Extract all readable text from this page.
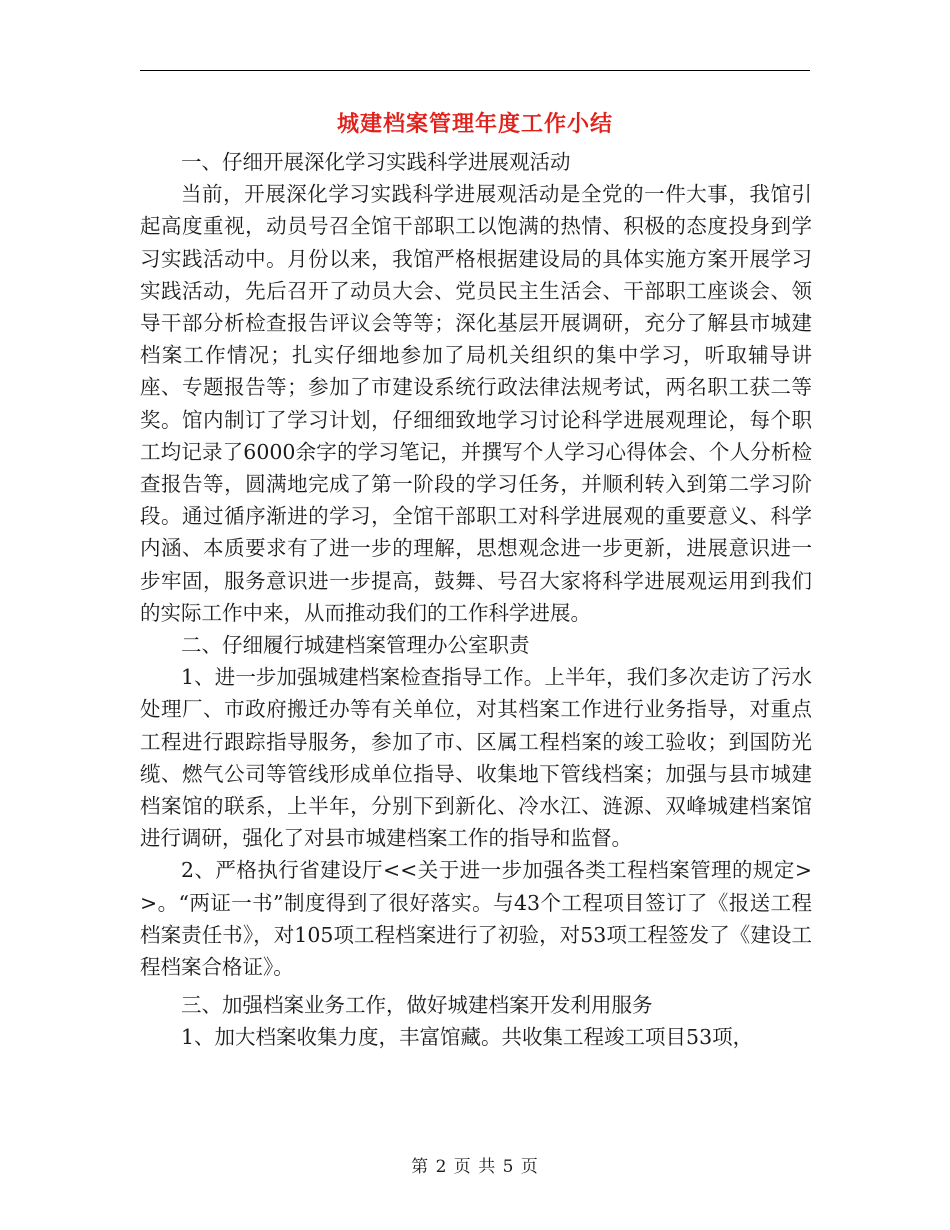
城建档案管理年度工作小结

一、仔细开展深化学习实践科学进展观活动

当前，开展深化学习实践科学进展观活动是全党的一件大事，我馆引起高度重视，动员号召全馆干部职工以饱满的热情、积极的态度投身到学习实践活动中。月份以来，我馆严格根据建设局的具体实施方案开展学习实践活动，先后召开了动员大会、党员民主生活会、干部职工座谈会、领导干部分析检查报告评议会等等；深化基层开展调研，充分了解县市城建档案工作情况；扎实仔细地参加了局机关组织的集中学习，听取辅导讲座、专题报告等；参加了市建设系统行政法律法规考试，两名职工获二等奖。馆内制订了学习计划，仔细细致地学习讨论科学进展观理论，每个职工均记录了6000余字的学习笔记，并撰写个人学习心得体会、个人分析检查报告等，圆满地完成了第一阶段的学习任务，并顺利转入到第二学习阶段。通过循序渐进的学习，全馆干部职工对科学进展观的重要意义、科学内涵、本质要求有了进一步的理解，思想观念进一步更新，进展意识进一步牢固，服务意识进一步提高，鼓舞、号召大家将科学进展观运用到我们的实际工作中来，从而推动我们的工作科学进展。

二、仔细履行城建档案管理办公室职责

1、进一步加强城建档案检查指导工作。上半年，我们多次走访了污水处理厂、市政府搬迁办等有关单位，对其档案工作进行业务指导，对重点工程进行跟踪指导服务，参加了市、区属工程档案的竣工验收；到国防光缆、燃气公司等管线形成单位指导、收集地下管线档案；加强与县市城建档案馆的联系，上半年，分别下到新化、冷水江、涟源、双峰城建档案馆进行调研，强化了对县市城建档案工作的指导和监督。

2、严格执行省建设厅<<关于进一步加强各类工程档案管理的规定>>。“两证一书”制度得到了很好落实。与43个工程项目签订了《报送工程档案责任书》，对105项工程档案进行了初验，对53项工程签发了《建设工程档案合格证》。

三、加强档案业务工作，做好城建档案开发利用服务

1、加大档案收集力度，丰富馆藏。共收集工程竣工项目53项，

第 2 页 共 5 页
